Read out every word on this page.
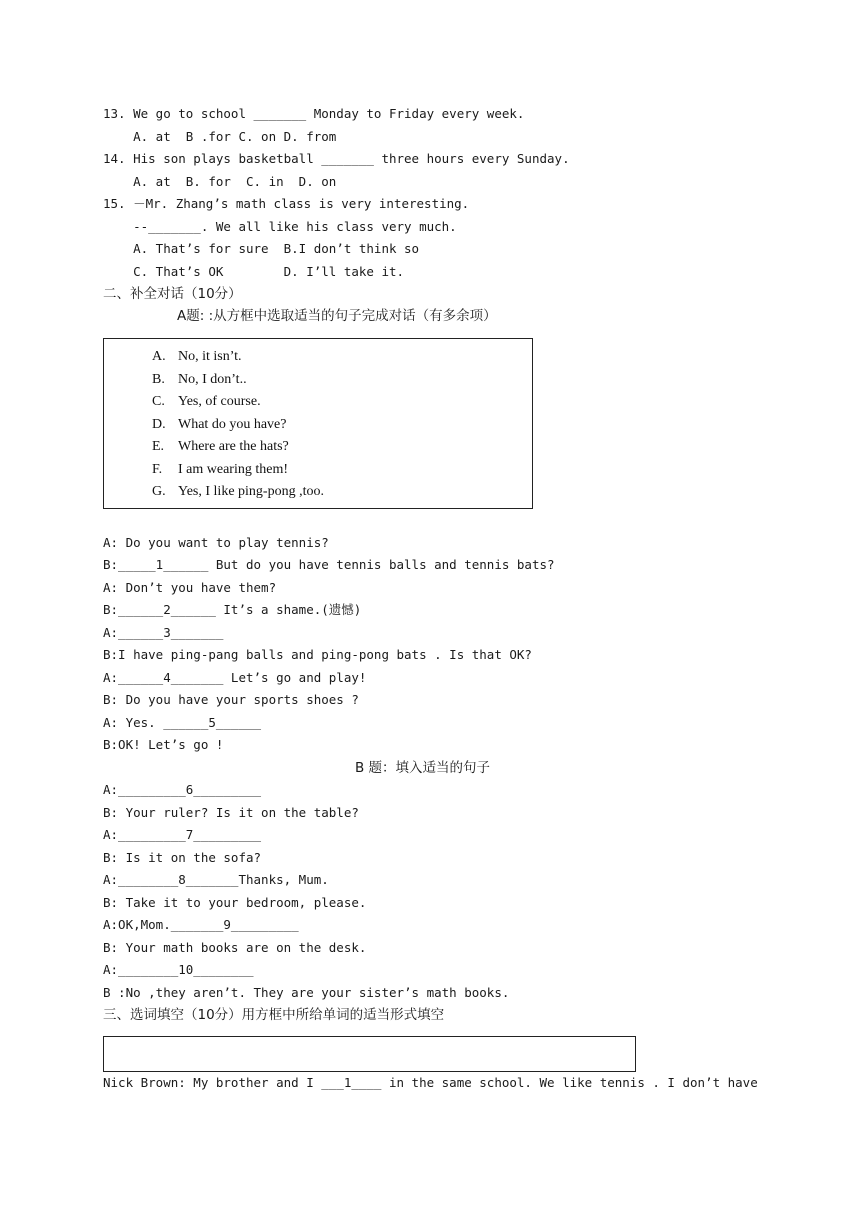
13. We go to school _______ Monday to Friday every week.
A. at  B .for C. on D. from
14. His son plays basketball _______ three hours every Sunday.
A. at  B. for  C. in  D. on
15. －Mr. Zhang’s math class is very interesting.
--_______. We all like his class very much.
A. That’s for sure  B.I don’t think so
C. That’s OK        D. I’ll take it.
二、补全对话（10分）
A题: :从方框中选取适当的句子完成对话（有多余项）
A. No, it isn’t.
B. No, I don’t..
C. Yes, of course.
D. What do you have?
E. Where are the hats?
F. I am wearing them!
G. Yes, I like ping-pong ,too.
A: Do you want to play tennis?
B:_____1______ But do you have tennis balls and tennis bats?
A: Don’t you have them?
B:______2______ It’s a shame.(遗憾)
A:______3_______
B:I have ping-pang balls and ping-pong bats . Is that OK?
A:______4_______ Let’s go and play!
B: Do you have your sports shoes ?
A: Yes. ______5______
B:OK! Let’s go !
B 题：填入适当的句子
A:_________6_________
B: Your ruler? Is it on the table?
A:_________7_________
B: Is it on the sofa?
A:________8_______Thanks, Mum.
B: Take it to your bedroom, please.
A:OK,Mom._______9_________
B: Your math books are on the desk.
A:________10________
B :No ,they aren’t. They are your sister’s math books.
三、选词填空（10分）用方框中所给单词的适当形式填空

Nick Brown: My brother and I ___1____ in the same school. We like tennis . I don’t have
